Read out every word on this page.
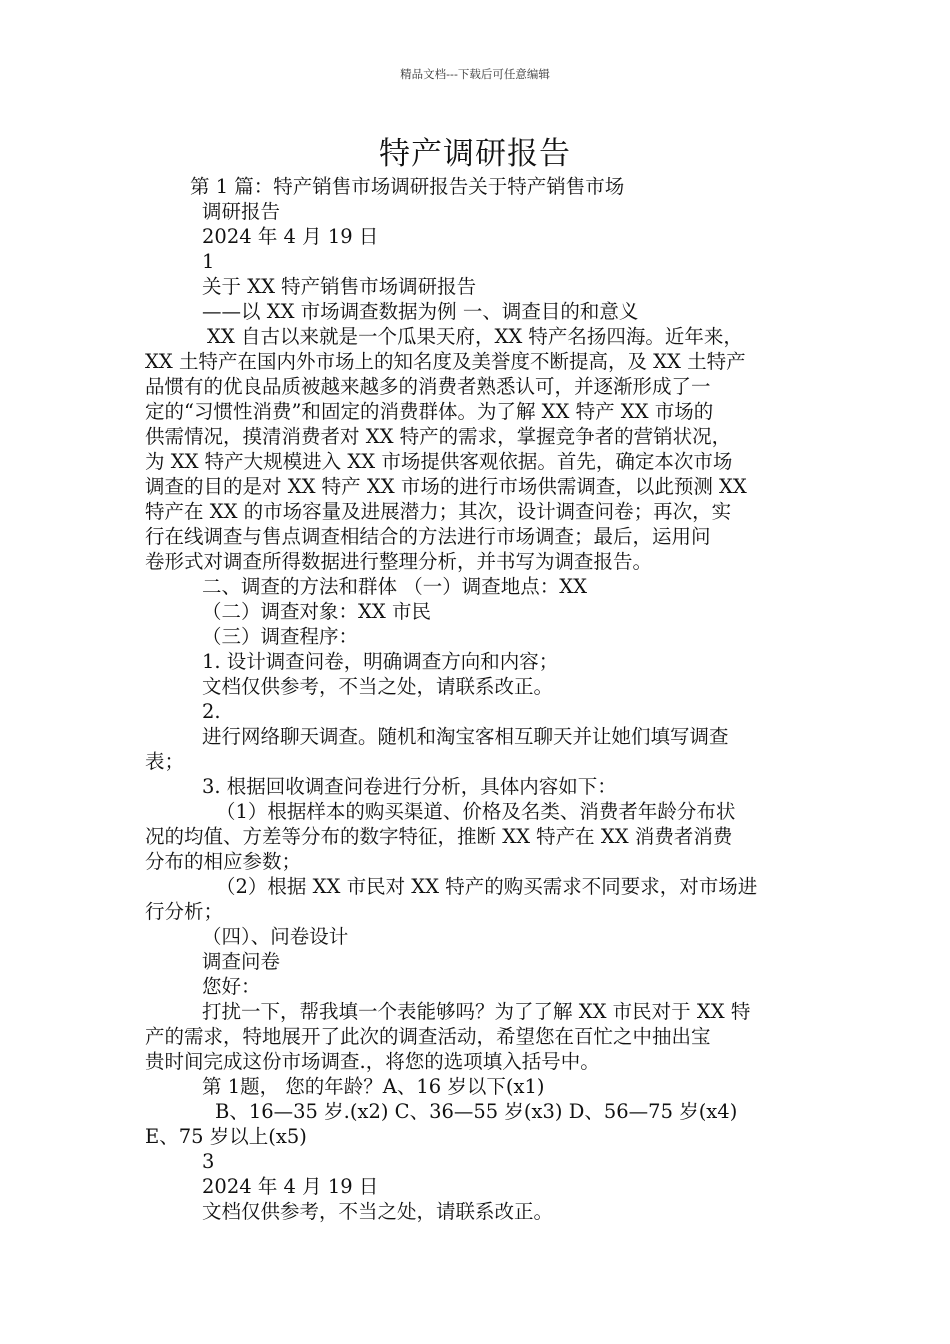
精品文档---下载后可任意编辑
特产调研报告
第 1 篇：特产销售市场调研报告关于特产销售市场
调研报告
2024 年 4 月 19 日
1
关于 XX 特产销售市场调研报告
——以 XX 市场调查数据为例 一、调查目的和意义
XX 自古以来就是一个瓜果天府，XX 特产名扬四海。近年来，
XX 土特产在国内外市场上的知名度及美誉度不断提高，及 XX 土特产
品惯有的优良品质被越来越多的消费者熟悉认可，并逐渐形成了一
定的“习惯性消费”和固定的消费群体。为了解 XX 特产 XX 市场的
供需情况，摸清消费者对 XX 特产的需求，掌握竞争者的营销状况，
为 XX 特产大规模进入 XX 市场提供客观依据。首先，确定本次市场
调查的目的是对 XX 特产 XX 市场的进行市场供需调查，以此预测 XX
特产在 XX 的市场容量及进展潜力；其次，设计调查问卷；再次，实
行在线调查与售点调查相结合的方法进行市场调查；最后，运用问
卷形式对调查所得数据进行整理分析，并书写为调查报告。
二、调查的方法和群体 （一）调查地点：XX
（二）调查对象：XX 市民
（三）调查程序：
1. 设计调查问卷，明确调查方向和内容；
文档仅供参考，不当之处，请联系改正。
2.
进行网络聊天调查。随机和淘宝客相互聊天并让她们填写调查
表；
3. 根据回收调查问卷进行分析，具体内容如下：
（1）根据样本的购买渠道、价格及名类、消费者年龄分布状
况的均值、方差等分布的数字特征，推断 XX 特产在 XX 消费者消费
分布的相应参数；
（2）根据 XX 市民对 XX 特产的购买需求不同要求，对市场进
行分析；
（四）、问卷设计
调查问卷
您好：
打扰一下，帮我填一个表能够吗？为了了解 XX 市民对于 XX 特
产的需求，特地展开了此次的调查活动，希望您在百忙之中抽出宝
贵时间完成这份市场调查.，将您的选项填入括号中。
第 1题， 您的年龄？A、16 岁以下(x1)
B、16—35 岁.(x2) C、36—55 岁(x3) D、56—75 岁(x4)
E、75 岁以上(x5)
3
2024 年 4 月 19 日
文档仅供参考，不当之处，请联系改正。
